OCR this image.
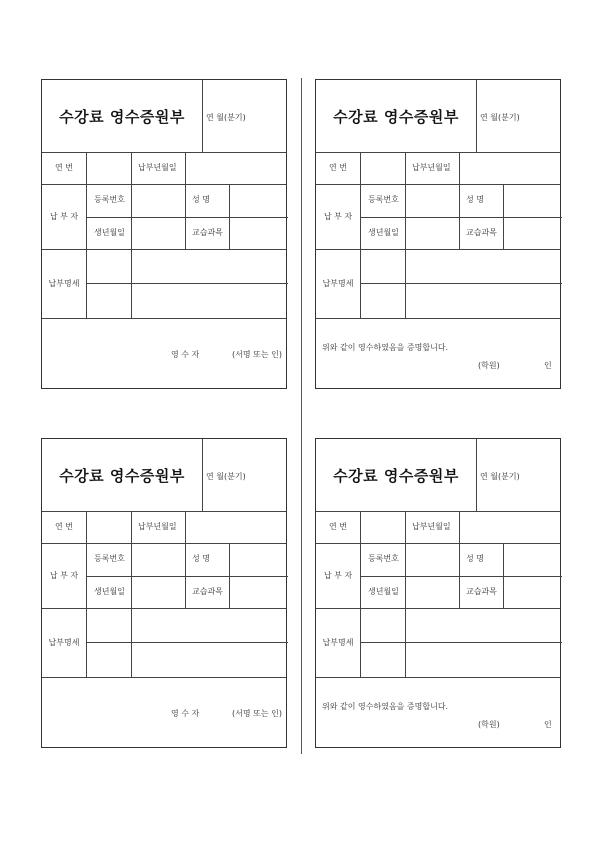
수강료 영수증원부	연 월(분기)
연 번	납부년월일
납 부 자
등록번호	성 명
생년월일	교습과목
납부명세
영 수 자	(서명 또는 인)
수강료 영수증원부	연 월(분기)
연 번	납부년월일
납 부 자
등록번호	성 명
생년월일	교습과목
납부명세
위와 같이 영수하였음을 증명합니다.
(학원)	인
수강료 영수증원부	연 월(분기)
연 번	납부년월일
납 부 자
등록번호	성 명
생년월일	교습과목
납부명세
영 수 자	(서명 또는 인)
수강료 영수증원부	연 월(분기)
연 번	납부년월일
납 부 자
등록번호	성 명
생년월일	교습과목
납부명세
위와 같이 영수하였음을 증명합니다.
(학원)	인
